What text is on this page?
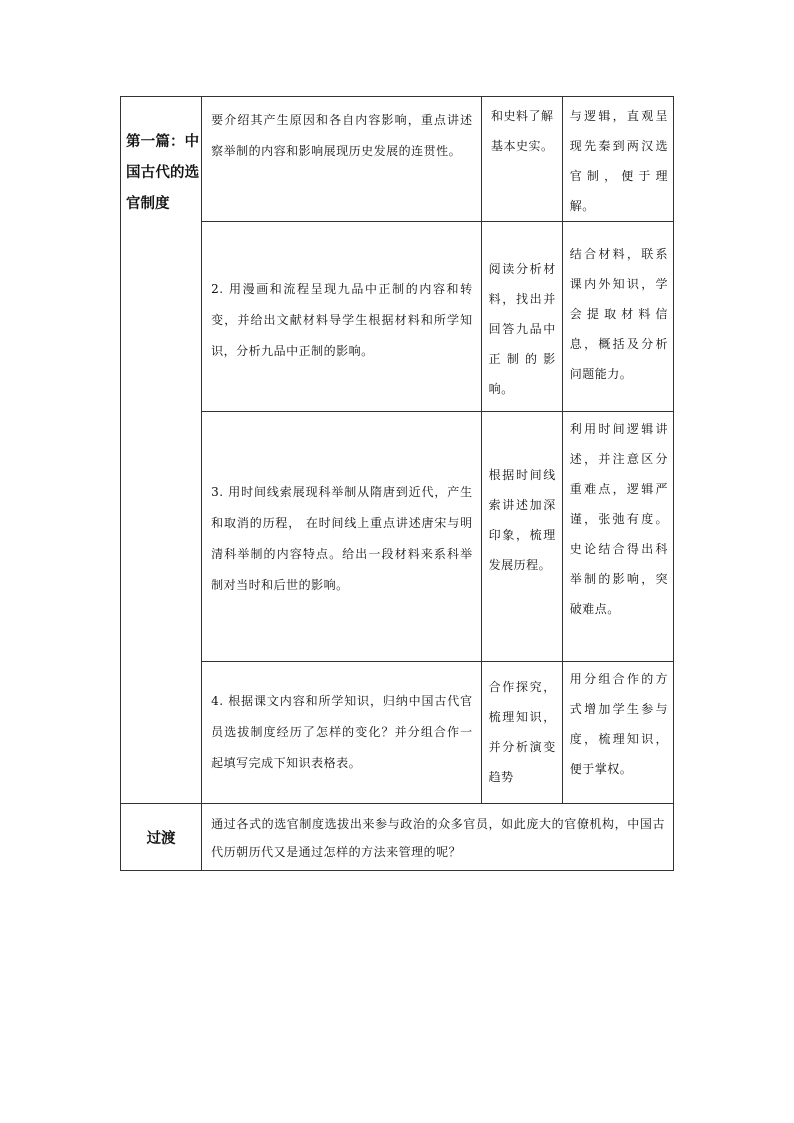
第一篇：中国古代的选官制度	要介绍其产生原因和各自内容影响，重点讲述察举制的内容和影响展现历史发展的连贯性。	和史料了解基本史实。	与逻辑，直观呈现先秦到两汉选官制，便于理解。
	2. 用漫画和流程呈现九品中正制的内容和转变，并给出文献材料导学生根据材料和所学知识，分析九品中正制的影响。	阅读分析材料，找出并回答九品中正制的影响。	结合材料，联系课内外知识，学会提取材料信息，概括及分析问题能力。
	3. 用时间线索展现科举制从隋唐到近代，产生和取消的历程， 在时间线上重点讲述唐宋与明清科举制的内容特点。给出一段材料来系科举制对当时和后世的影响。	根据时间线索讲述加深印象，梳理发展历程。	利用时间逻辑讲述，并注意区分重难点，逻辑严谨，张弛有度。史论结合得出科举制的影响，突破难点。
	4. 根据课文内容和所学知识，归纳中国古代官员选拔制度经历了怎样的变化？并分组合作一起填写完成下知识表格表。	合作探究，梳理知识，并分析演变趋势	用分组合作的方式增加学生参与度，梳理知识，便于掌权。
过渡	通过各式的选官制度选拔出来参与政治的众多官员，如此庞大的官僚机构，中国古代历朝历代又是通过怎样的方法来管理的呢？		
